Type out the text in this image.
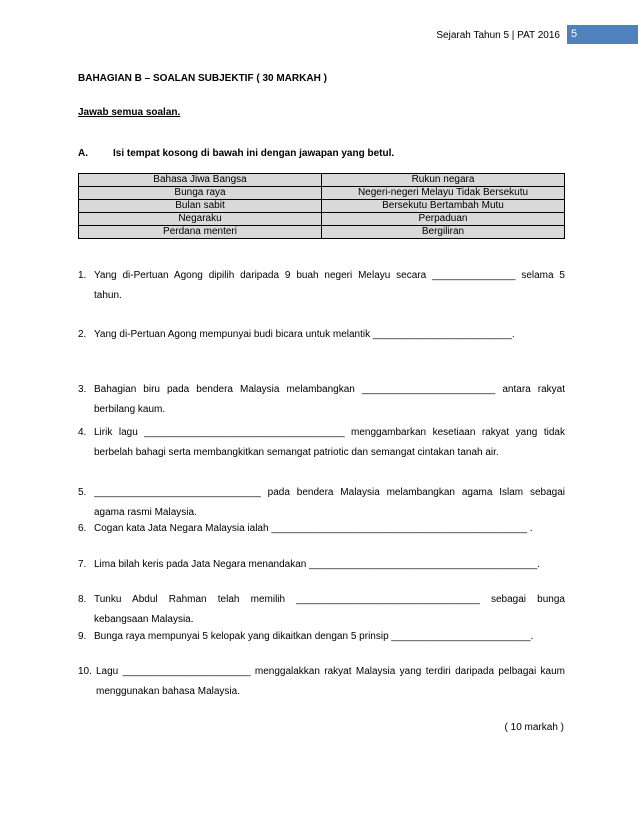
Sejarah Tahun 5 | PAT 2016	5
BAHAGIAN B – SOALAN SUBJEKTIF ( 30 MARKAH )
Jawab semua soalan.
A.	Isi tempat kosong di bawah ini dengan jawapan yang betul.
Bahasa Jiwa Bangsa	Rukun negara
Bunga raya	Negeri-negeri Melayu Tidak Bersekutu
Bulan sabit	Bersekutu Bertambah Mutu
Negaraku	Perpaduan
Perdana menteri	Bergiliran
1. Yang di-Pertuan Agong dipilih daripada 9 buah negeri Melayu secara _______________ selama 5
tahun.
2. Yang di-Pertuan Agong mempunyai budi bicara untuk melantik _________________________.
3. Bahagian biru pada bendera Malaysia melambangkan ________________________ antara rakyat
berbilang kaum.
4. Lirik lagu ____________________________________ menggambarkan kesetiaan rakyat yang tidak
berbelah bahagi serta membangkitkan semangat patriotic dan semangat cintakan tanah air.
5. ______________________________ pada bendera Malaysia melambangkan agama Islam sebagai
agama rasmi Malaysia.
6. Cogan kata Jata Negara Malaysia ialah ______________________________________________ .
7. Lima bilah keris pada Jata Negara menandakan _________________________________________.
8. Tunku Abdul Rahman telah memilih _________________________________ sebagai bunga
kebangsaan Malaysia.
9. Bunga raya mempunyai 5 kelopak yang dikaitkan dengan 5 prinsip _________________________.
10. Lagu _______________________ menggalakkan rakyat Malaysia yang terdiri daripada pelbagai kaum
menggunakan bahasa Malaysia.
( 10 markah )
